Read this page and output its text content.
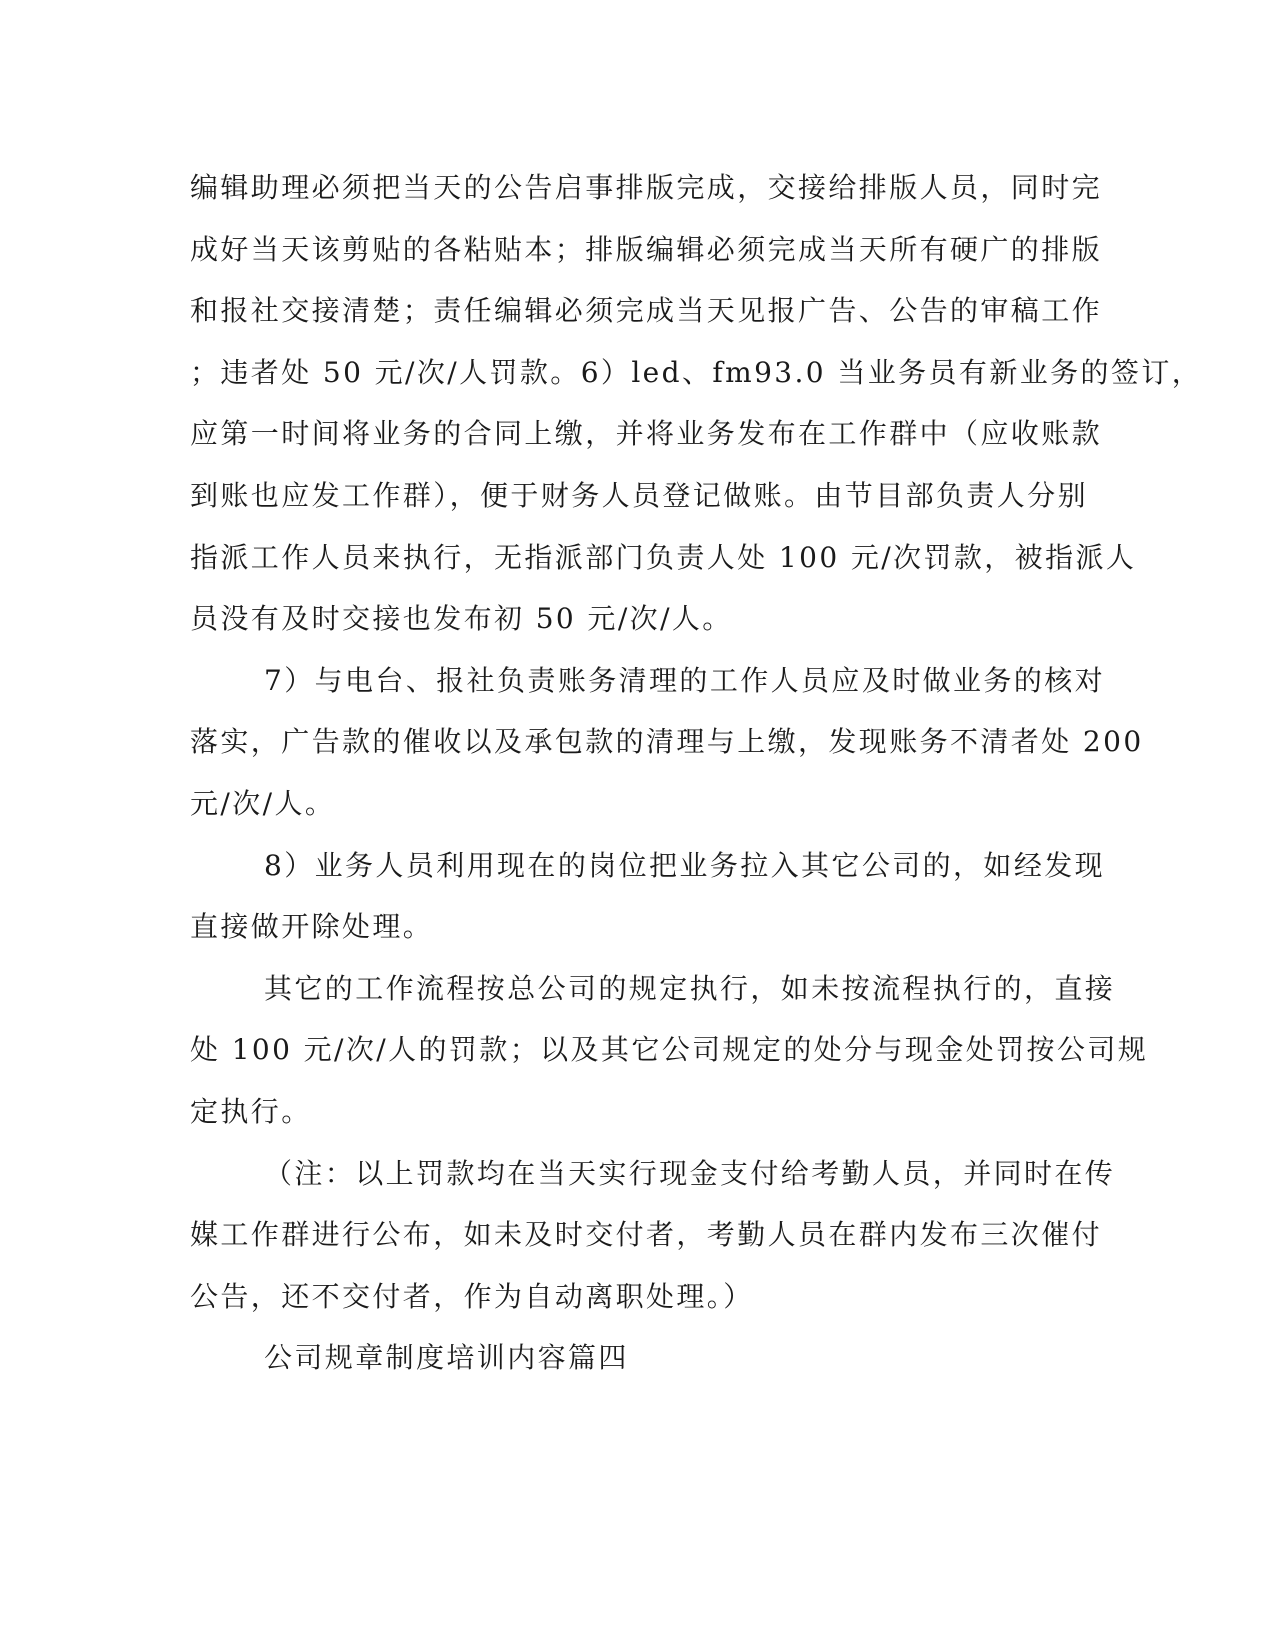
编辑助理必须把当天的公告启事排版完成，交接给排版人员，同时完

成好当天该剪贴的各粘贴本；排版编辑必须完成当天所有硬广的排版

和报社交接清楚；责任编辑必须完成当天见报广告、公告的审稿工作

；违者处 50 元/次/人罚款。6）led、fm93.0 当业务员有新业务的签订，

应第一时间将业务的合同上缴，并将业务发布在工作群中（应收账款

到账也应发工作群），便于财务人员登记做账。由节目部负责人分别

指派工作人员来执行，无指派部门负责人处 100 元/次罚款，被指派人

员没有及时交接也发布初 50 元/次/人。

7）与电台、报社负责账务清理的工作人员应及时做业务的核对

落实，广告款的催收以及承包款的清理与上缴，发现账务不清者处 200

元/次/人。

8）业务人员利用现在的岗位把业务拉入其它公司的，如经发现

直接做开除处理。

其它的工作流程按总公司的规定执行，如未按流程执行的，直接

处 100 元/次/人的罚款；以及其它公司规定的处分与现金处罚按公司规

定执行。

（注：以上罚款均在当天实行现金支付给考勤人员，并同时在传

媒工作群进行公布，如未及时交付者，考勤人员在群内发布三次催付

公告，还不交付者，作为自动离职处理。）

公司规章制度培训内容篇四
